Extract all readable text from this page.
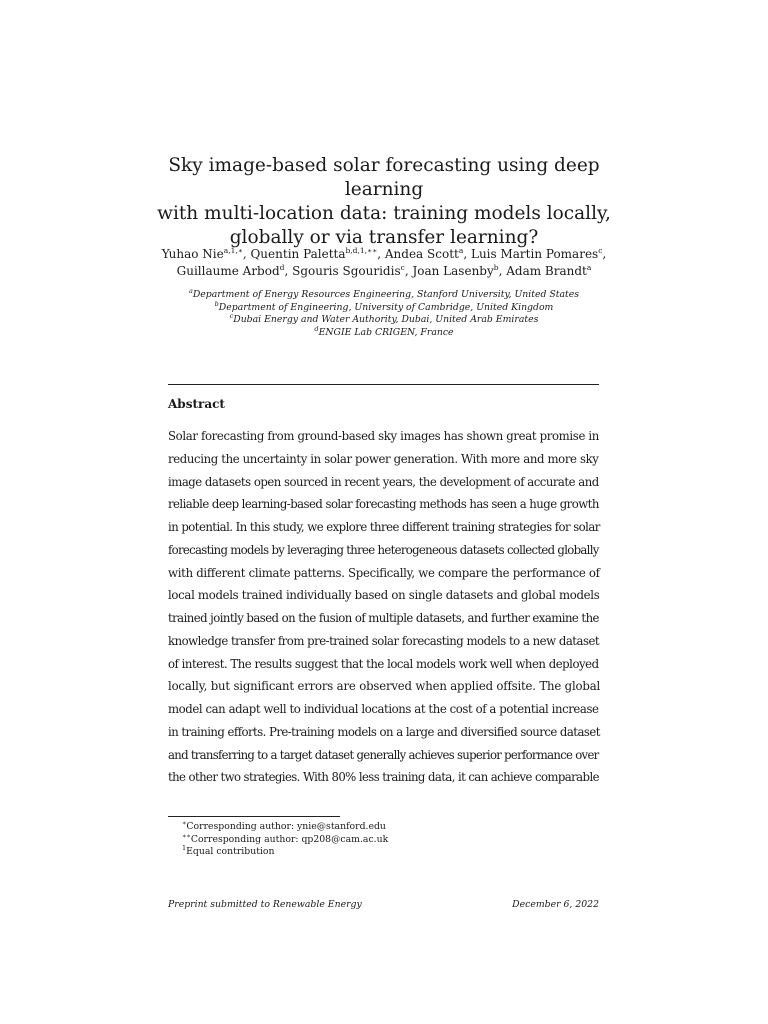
Sky image-based solar forecasting using deep learning
with multi-location data: training models locally,
globally or via transfer learning?
Yuhao Nie$^{a,1,∗}$, Quentin Paletta$^{b,d,1,∗∗}$, Andea Scott$^a$, Luis Martin Pomares$^c$,
Guillaume Arbod$^d$, Sgouris Sgouridis$^c$, Joan Lasenby$^b$, Adam Brandt$^a$
$^a$Department of Energy Resources Engineering, Stanford University, United States
$^b$Department of Engineering, University of Cambridge, United Kingdom
$^c$Dubai Energy and Water Authority, Dubai, United Arab Emirates
$^d$ENGIE Lab CRIGEN, France
Abstract
Solar forecasting from ground-based sky images has shown great promise in
reducing the uncertainty in solar power generation. With more and more sky
image datasets open sourced in recent years, the development of accurate and
reliable deep learning-based solar forecasting methods has seen a huge growth
in potential. In this study, we explore three different training strategies for solar
forecasting models by leveraging three heterogeneous datasets collected globally
with different climate patterns. Specifically, we compare the performance of
local models trained individually based on single datasets and global models
trained jointly based on the fusion of multiple datasets, and further examine the
knowledge transfer from pre-trained solar forecasting models to a new dataset
of interest. The results suggest that the local models work well when deployed
locally, but significant errors are observed when applied offsite. The global
model can adapt well to individual locations at the cost of a potential increase
in training efforts. Pre-training models on a large and diversified source dataset
and transferring to a target dataset generally achieves superior performance over
the other two strategies. With 80% less training data, it can achieve comparable
∗Corresponding author: ynie@stanford.edu
∗∗Corresponding author: qp208@cam.ac.uk
$^1$Equal contribution
Preprint submitted to Renewable Energy	December 6, 2022
